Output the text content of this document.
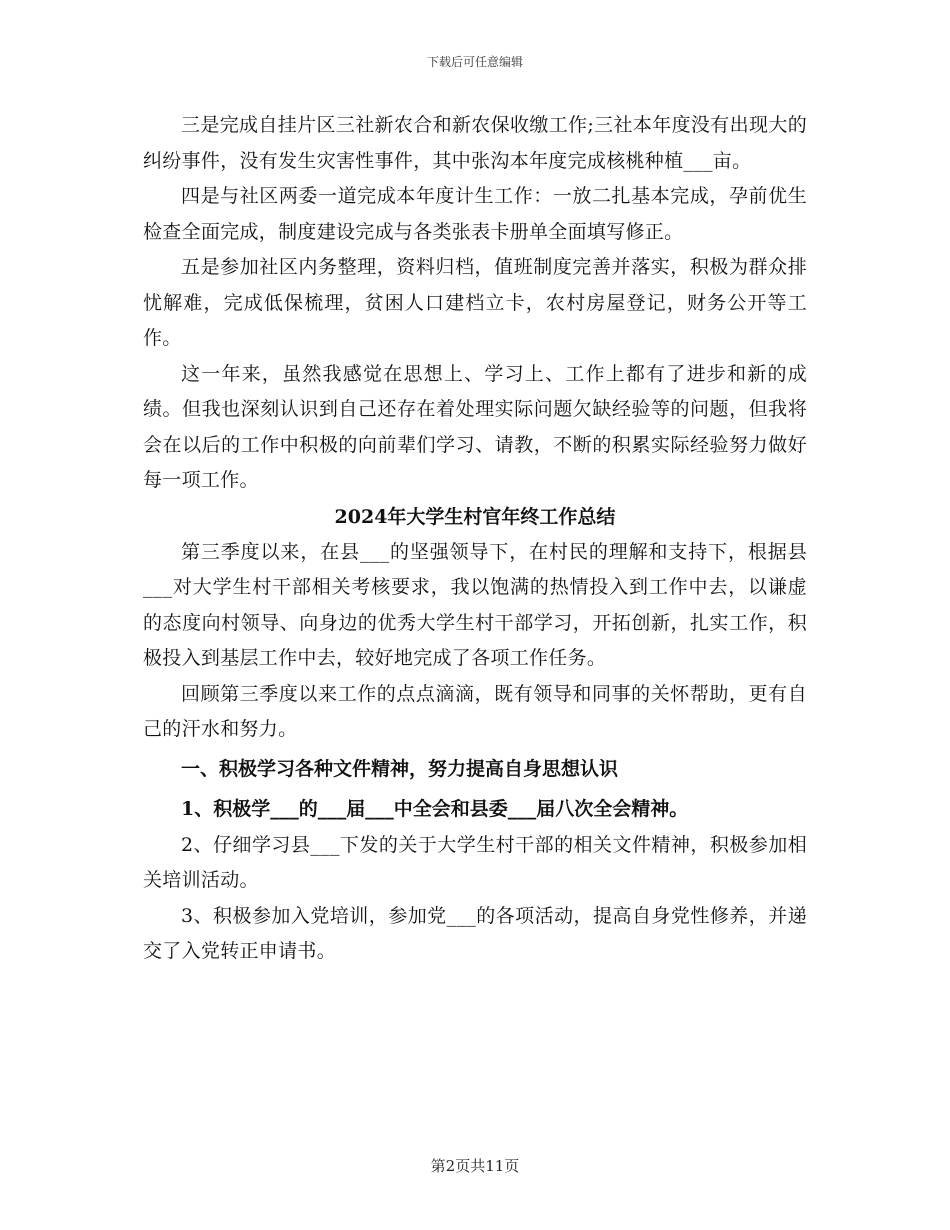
下载后可任意编辑

三是完成自挂片区三社新农合和新农保收缴工作;三社本年度没有出现大的纠纷事件，没有发生灾害性事件，其中张沟本年度完成核桃种植___亩。

四是与社区两委一道完成本年度计生工作：一放二扎基本完成，孕前优生检查全面完成，制度建设完成与各类张表卡册单全面填写修正。

五是参加社区内务整理，资料归档，值班制度完善并落实，积极为群众排忧解难，完成低保梳理，贫困人口建档立卡，农村房屋登记，财务公开等工作。

这一年来，虽然我感觉在思想上、学习上、工作上都有了进步和新的成绩。但我也深刻认识到自己还存在着处理实际问题欠缺经验等的问题，但我将会在以后的工作中积极的向前辈们学习、请教，不断的积累实际经验努力做好每一项工作。

2024年大学生村官年终工作总结

第三季度以来，在县___的坚强领导下，在村民的理解和支持下，根据县___对大学生村干部相关考核要求，我以饱满的热情投入到工作中去，以谦虚的态度向村领导、向身边的优秀大学生村干部学习，开拓创新，扎实工作，积极投入到基层工作中去，较好地完成了各项工作任务。

回顾第三季度以来工作的点点滴滴，既有领导和同事的关怀帮助，更有自己的汗水和努力。

一、积极学习各种文件精神，努力提高自身思想认识

1、积极学___的___届___中全会和县委___届八次全会精神。

2、仔细学习县___下发的关于大学生村干部的相关文件精神，积极参加相关培训活动。

3、积极参加入党培训，参加党___的各项活动，提高自身党性修养，并递交了入党转正申请书。

第2页共11页
